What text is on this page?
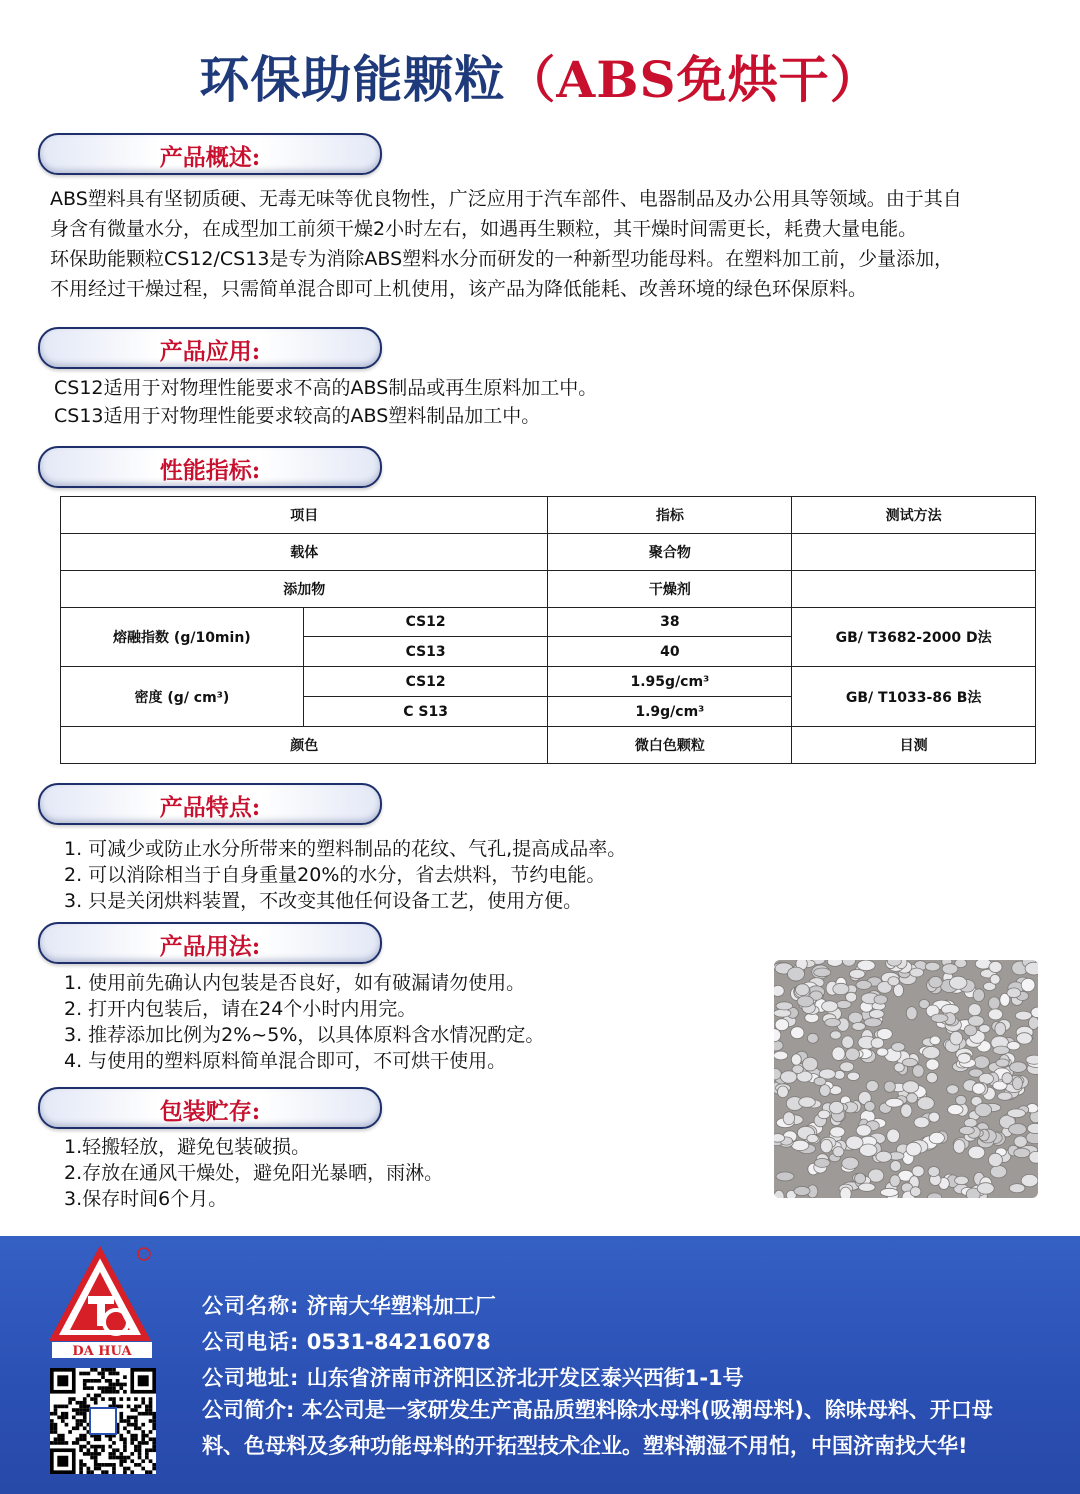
环保助能颗粒（ABS免烘干）
产品概述:

ABS塑料具有坚韧质硬、无毒无味等优良物性，广泛应用于汽车部件、电器制品及办公用具等领域。由于其自

身含有微量水分，在成型加工前须干燥2小时左右，如遇再生颗粒，其干燥时间需更长，耗费大量电能。

环保助能颗粒CS12/CS13是专为消除ABS塑料水分而研发的一种新型功能母料。在塑料加工前，少量添加，

不用经过干燥过程，只需简单混合即可上机使用，该产品为降低能耗、改善环境的绿色环保原料。

产品应用:

CS12适用于对物理性能要求不高的ABS制品或再生原料加工中。

CS13适用于对物理性能要求较高的ABS塑料制品加工中。

性能指标:
项目		指标	测试方法
载体		聚合物	
添加物		干燥剂	
熔融指数 (g/10min)	CS12	38	GB/ T3682-2000 D法
	CS13	40	
密度 (g/ cm³)	CS12	1.95g/cm³	GB/ T1033-86 B法
	C S13	1.9g/cm³	
颜色		微白色颗粒	目测
产品特点:

1. 可减少或防止水分所带来的塑料制品的花纹、气孔,提高成品率。

2. 可以消除相当于自身重量20%的水分，省去烘料，节约电能。

3. 只是关闭烘料装置，不改变其他任何设备工艺，使用方便。

产品用法:

1. 使用前先确认内包装是否良好，如有破漏请勿使用。

2. 打开内包装后，请在24个小时内用完。

3. 推荐添加比例为2%~5%，以具体原料含水情况酌定。

4. 与使用的塑料原料简单混合即可，不可烘干使用。

包装贮存:

1.轻搬轻放，避免包装破损。

2.存放在通风干燥处，避免阳光暴晒，雨淋。

3.保存时间6个月。

DA HUA
公司名称: 济南大华塑料加工厂
公司电话: 0531-84216078
公司地址: 山东省济南市济阳区济北开发区泰兴西街1-1号
公司简介: 本公司是一家研发生产高品质塑料除水母料(吸潮母料)、除味母料、开口母
料、色母料及多种功能母料的开拓型技术企业。塑料潮湿不用怕，中国济南找大华!
